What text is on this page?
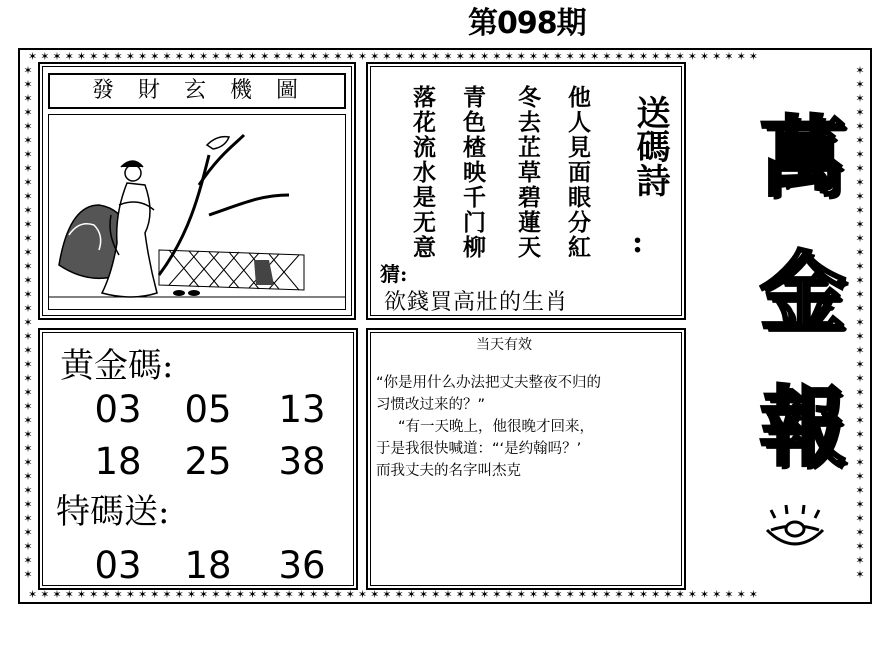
第098期
✶✶✶✶✶✶✶✶✶✶✶✶✶✶✶✶✶✶✶✶✶✶✶✶✶✶✶✶✶✶✶✶✶✶✶✶✶✶✶✶✶✶✶✶✶✶✶✶✶✶✶✶✶✶✶✶✶✶✶✶
✶✶✶✶✶✶✶✶✶✶✶✶✶✶✶✶✶✶✶✶✶✶✶✶✶✶✶✶✶✶✶✶✶✶✶✶✶✶✶✶✶✶✶✶✶✶✶✶✶✶✶✶✶✶✶✶✶✶✶✶
✶✶✶✶✶✶✶✶✶✶✶✶✶✶✶✶✶✶✶✶✶✶✶✶✶✶✶✶✶✶✶✶✶✶✶✶✶
✶✶✶✶✶✶✶✶✶✶✶✶✶✶✶✶✶✶✶✶✶✶✶✶✶✶✶✶✶✶✶✶✶✶✶✶✶
發財玄機圖	他人見面眼分紅
冬去芷草碧蓮天
青色楂映千门柳
落花流水是无意	送碼詩
:
猜:
欲錢買高壯的生肖
萬
金
報
黄金碼:
03	05	13
18	25	38
特碼送:
03	18	36
当天有效
“你是用什么办法把丈夫整夜不归的
习惯改过来的？”
“有一天晚上，他很晚才回来，
于是我很快喊道：“‘是约翰吗？’
而我丈夫的名字叫杰克
